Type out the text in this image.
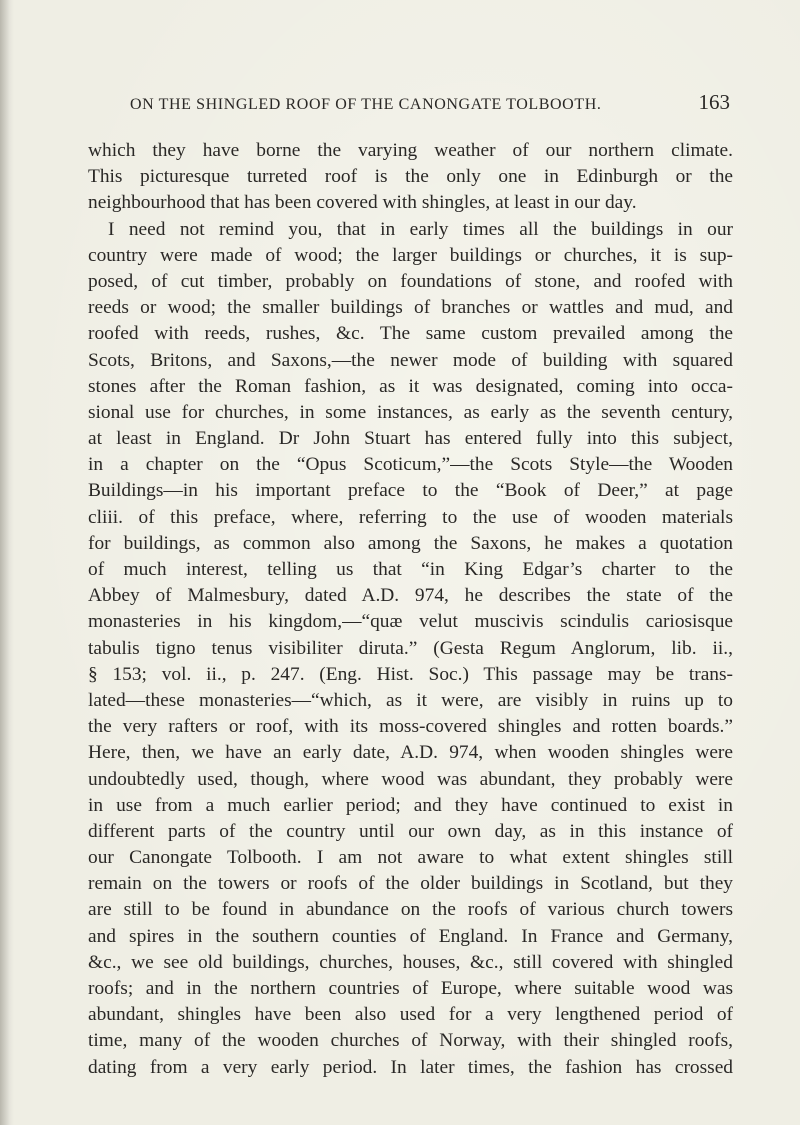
ON THE SHINGLED ROOF OF THE CANONGATE TOLBOOTH.	163
which they have borne the varying weather of our northern climate.
This picturesque turreted roof is the only one in Edinburgh or the
neighbourhood that has been covered with shingles, at least in our day.
I need not remind you, that in early times all the buildings in our
country were made of wood; the larger buildings or churches, it is sup-
posed, of cut timber, probably on foundations of stone, and roofed with
reeds or wood; the smaller buildings of branches or wattles and mud, and
roofed with reeds, rushes, &c. The same custom prevailed among the
Scots, Britons, and Saxons,—the newer mode of building with squared
stones after the Roman fashion, as it was designated, coming into occa-
sional use for churches, in some instances, as early as the seventh century,
at least in England. Dr John Stuart has entered fully into this subject,
in a chapter on the “Opus Scoticum,”—the Scots Style—the Wooden
Buildings—in his important preface to the “Book of Deer,” at page
cliii. of this preface, where, referring to the use of wooden materials
for buildings, as common also among the Saxons, he makes a quotation
of much interest, telling us that “in King Edgar’s charter to the
Abbey of Malmesbury, dated A.D. 974, he describes the state of the
monasteries in his kingdom,—“quæ velut muscivis scindulis cariosisque
tabulis tigno tenus visibiliter diruta.” (Gesta Regum Anglorum, lib. ii.,
§ 153; vol. ii., p. 247. (Eng. Hist. Soc.) This passage may be trans-
lated—these monasteries—“which, as it were, are visibly in ruins up to
the very rafters or roof, with its moss-covered shingles and rotten boards.”
Here, then, we have an early date, A.D. 974, when wooden shingles were
undoubtedly used, though, where wood was abundant, they probably were
in use from a much earlier period; and they have continued to exist in
different parts of the country until our own day, as in this instance of
our Canongate Tolbooth. I am not aware to what extent shingles still
remain on the towers or roofs of the older buildings in Scotland, but they
are still to be found in abundance on the roofs of various church towers
and spires in the southern counties of England. In France and Germany,
&c., we see old buildings, churches, houses, &c., still covered with shingled
roofs; and in the northern countries of Europe, where suitable wood was
abundant, shingles have been also used for a very lengthened period of
time, many of the wooden churches of Norway, with their shingled roofs,
dating from a very early period. In later times, the fashion has crossed
